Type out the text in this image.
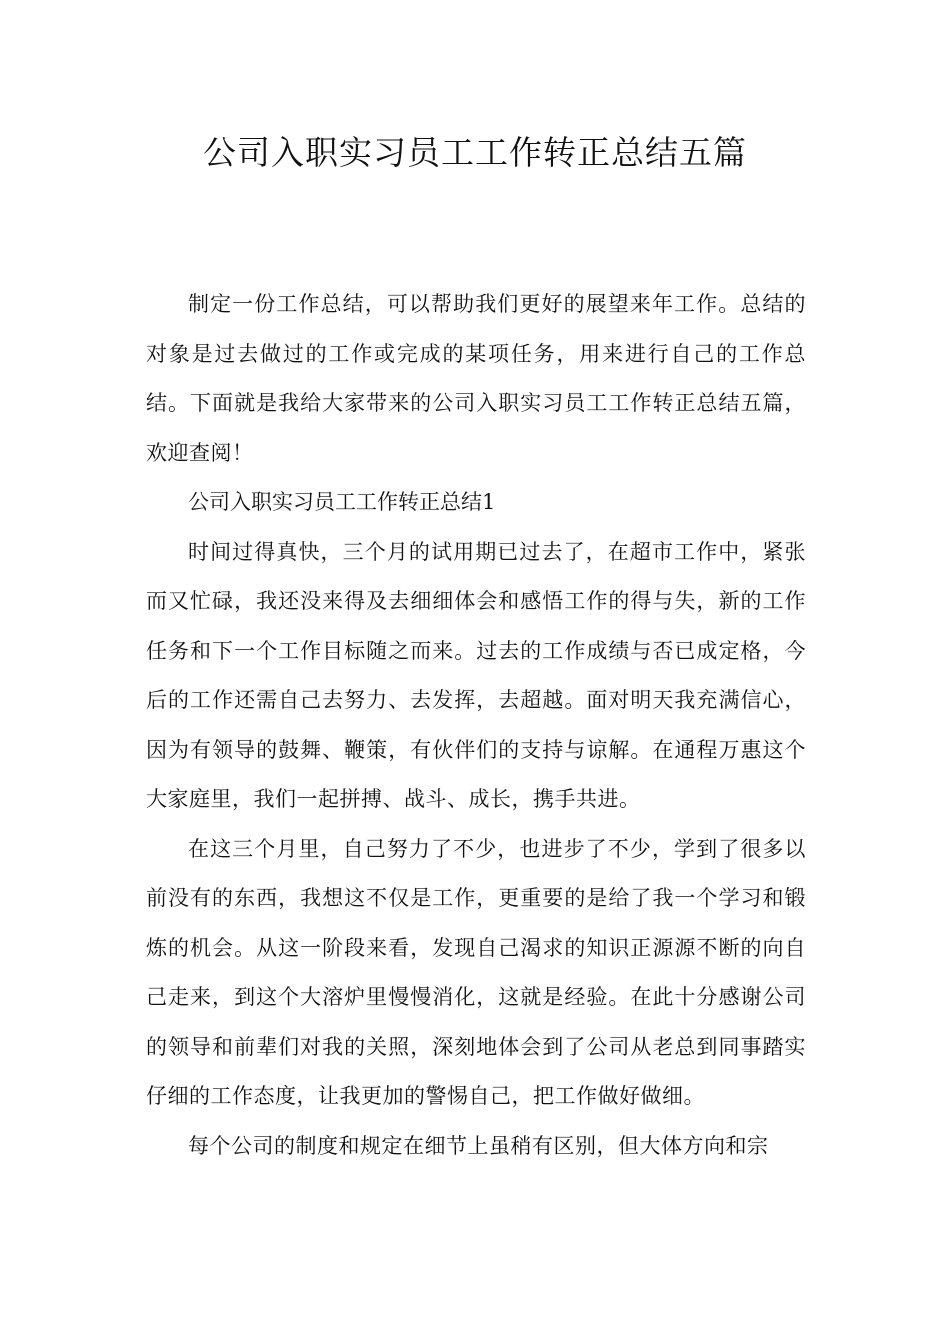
公司入职实习员工工作转正总结五篇

制定一份工作总结，可以帮助我们更好的展望来年工作。总结的对象是过去做过的工作或完成的某项任务，用来进行自己的工作总结。下面就是我给大家带来的公司入职实习员工工作转正总结五篇，欢迎查阅！

公司入职实习员工工作转正总结1

时间过得真快，三个月的试用期已过去了，在超市工作中，紧张而又忙碌，我还没来得及去细细体会和感悟工作的得与失，新的工作任务和下一个工作目标随之而来。过去的工作成绩与否已成定格，今后的工作还需自己去努力、去发挥，去超越。面对明天我充满信心，因为有领导的鼓舞、鞭策，有伙伴们的支持与谅解。在通程万惠这个大家庭里，我们一起拼搏、战斗、成长，携手共进。

在这三个月里，自己努力了不少，也进步了不少，学到了很多以前没有的东西，我想这不仅是工作，更重要的是给了我一个学习和锻炼的机会。从这一阶段来看，发现自己渴求的知识正源源不断的向自己走来，到这个大溶炉里慢慢消化，这就是经验。在此十分感谢公司的领导和前辈们对我的关照，深刻地体会到了公司从老总到同事踏实仔细的工作态度，让我更加的警惕自己，把工作做好做细。

每个公司的制度和规定在细节上虽稍有区别，但大体方向和宗
